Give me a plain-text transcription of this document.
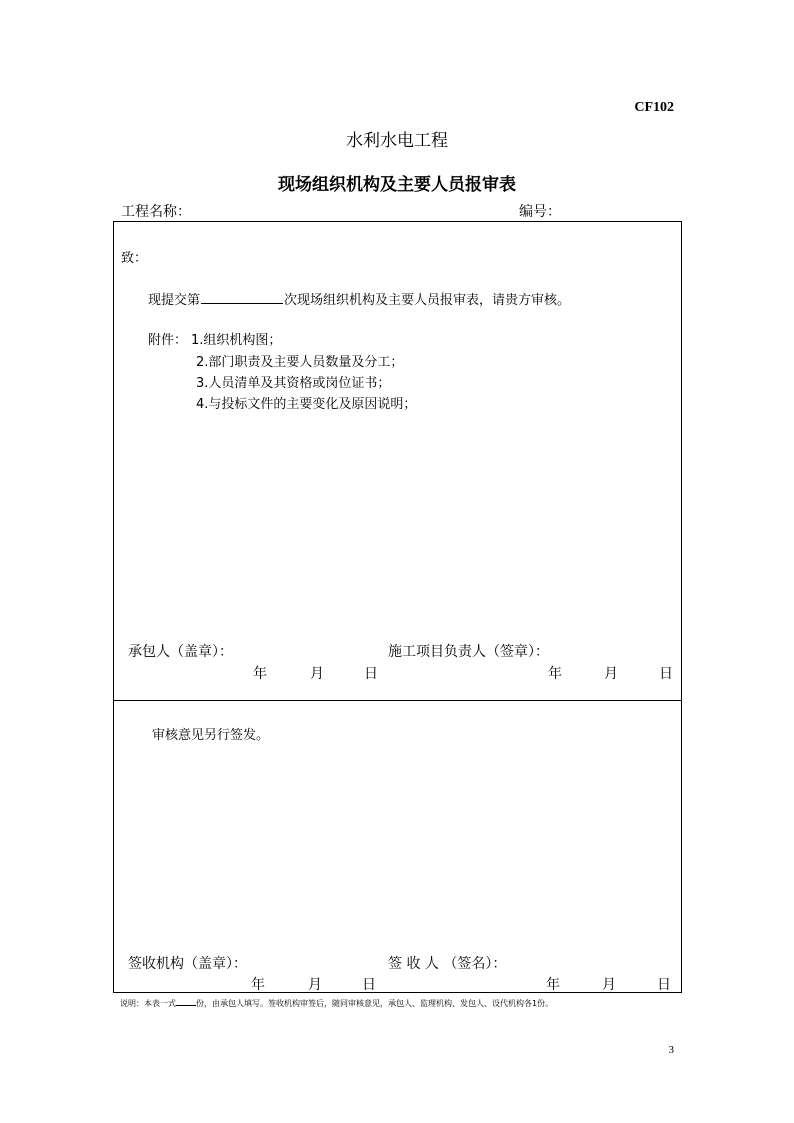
CF102
水利水电工程
现场组织机构及主要人员报审表
工程名称：	编号：
致：
现提交第	次现场组织机构及主要人员报审表，请贵方审核。
附件： 1.组织机构图；
2.部门职责及主要人员数量及分工；
3.人员清单及其资格或岗位证书；
4.与投标文件的主要变化及原因说明；
承包人（盖章）：	施工项目负责人（签章）：
年	月	日	年	月	日
审核意见另行签发。
签收机构（盖章）：	签 收 人 （签名）：
年	月	日	年	月	日
说明：本表一式	份，由承包人填写。签收机构审签后，随同审核意见，承包人、监理机构、发包人、设代机构各1份。
3
